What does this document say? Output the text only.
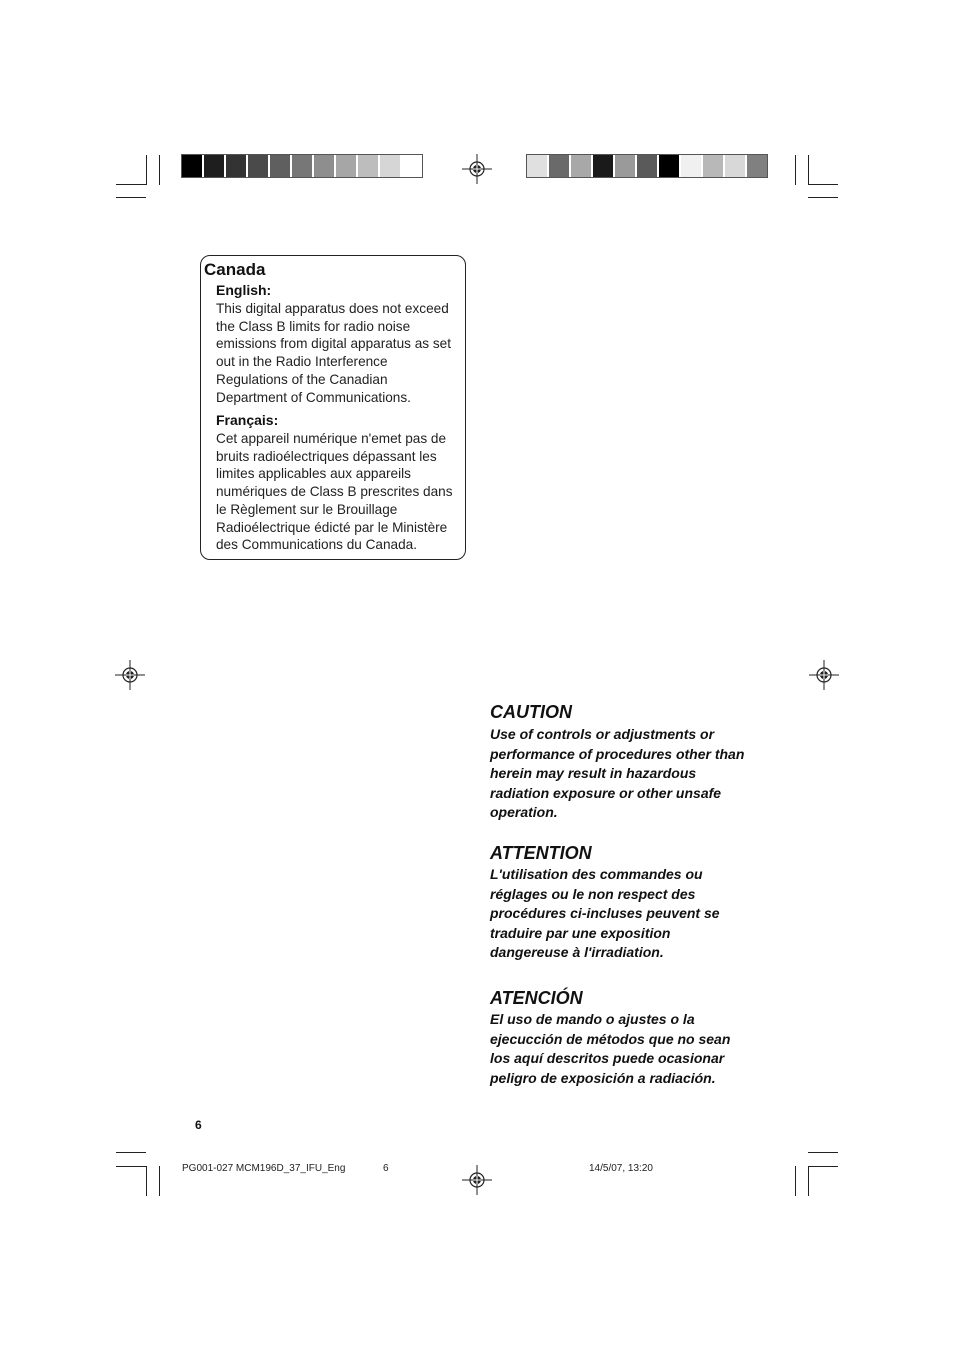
Canada
English:
This digital apparatus does not exceed the Class B limits for radio noise emissions from digital apparatus as set out in the Radio Interference Regulations of the Canadian Department of Communications.
Français:
Cet appareil numérique n'emet pas de bruits radioélectriques dépassant les limites applicables aux appareils numériques de Class B prescrites dans le Règlement sur le Brouillage Radioélectrique édicté par le Ministère des Communications du Canada.
CAUTION
Use of controls or adjustments or performance of procedures other than herein may result in hazardous radiation exposure or other unsafe operation.
ATTENTION
L'utilisation des commandes ou réglages ou le non respect des procédures ci-incluses peuvent se traduire par une exposition dangereuse à l'irradiation.
ATENCIÓN
El uso de mando o ajustes o la ejecucción de métodos que no sean los aquí descritos puede ocasionar peligro de exposición a radiación.
6
PG001-027 MCM196D_37_IFU_Eng	6	14/5/07, 13:20
